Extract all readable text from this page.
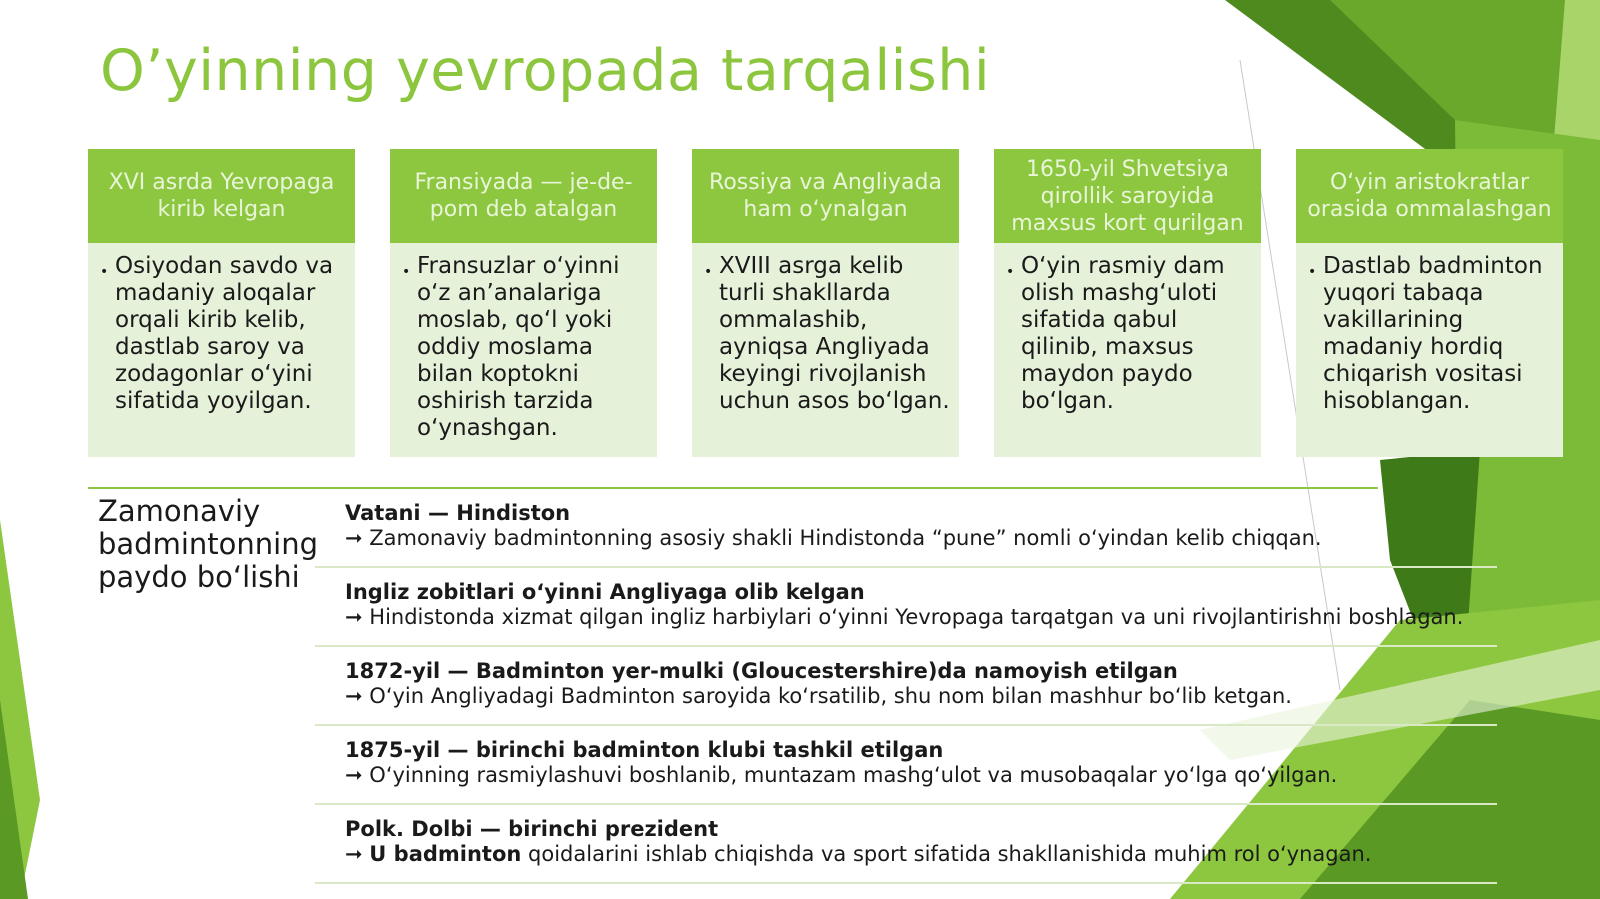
O’yinning yevropada tarqalishi
XVI asrda Yevropaga kirib kelgan
• Osiyodan savdo va madaniy aloqalar orqali kirib kelib, dastlab saroy va zodagonlar o‘yini sifatida yoyilgan.
Fransiyada — je-de-pom deb atalgan
• Fransuzlar o‘yinni o‘z an’analariga moslab, qo‘l yoki oddiy moslama bilan koptokni oshirish tarzida o‘ynashgan.
Rossiya va Angliyada ham o‘ynalgan
• XVIII asrga kelib turli shakllarda ommalashib, ayniqsa Angliyada keyingi rivojlanish uchun asos bo‘lgan.
1650-yil Shvetsiya qirollik saroyida maxsus kort qurilgan
• O‘yin rasmiy dam olish mashg‘uloti sifatida qabul qilinib, maxsus maydon paydo bo‘lgan.
O‘yin aristokratlar orasida ommalashgan
• Dastlab badminton yuqori tabaqa vakillarining madaniy hordiq chiqarish vositasi hisoblangan.
Zamonaviy badmintonning paydo bo‘lishi
Vatani — Hindiston
➞ Zamonaviy badmintonning asosiy shakli Hindistonda “pune” nomli o‘yindan kelib chiqqan.
Ingliz zobitlari o‘yinni Angliyaga olib kelgan
➞ Hindistonda xizmat qilgan ingliz harbiylari o‘yinni Yevropaga tarqatgan va uni rivojlantirishni boshlagan.
1872-yil — Badminton yer-mulki (Gloucestershire)da namoyish etilgan
➞ O‘yin Angliyadagi Badminton saroyida ko‘rsatilib, shu nom bilan mashhur bo‘lib ketgan.
1875-yil — birinchi badminton klubi tashkil etilgan
➞ O‘yinning rasmiylashuvi boshlanib, muntazam mashg‘ulot va musobaqalar yo‘lga qo‘yilgan.
Polk. Dolbi — birinchi prezident
➞ U badminton qoidalarini ishlab chiqishda va sport sifatida shakllanishida muhim rol o‘ynagan.
